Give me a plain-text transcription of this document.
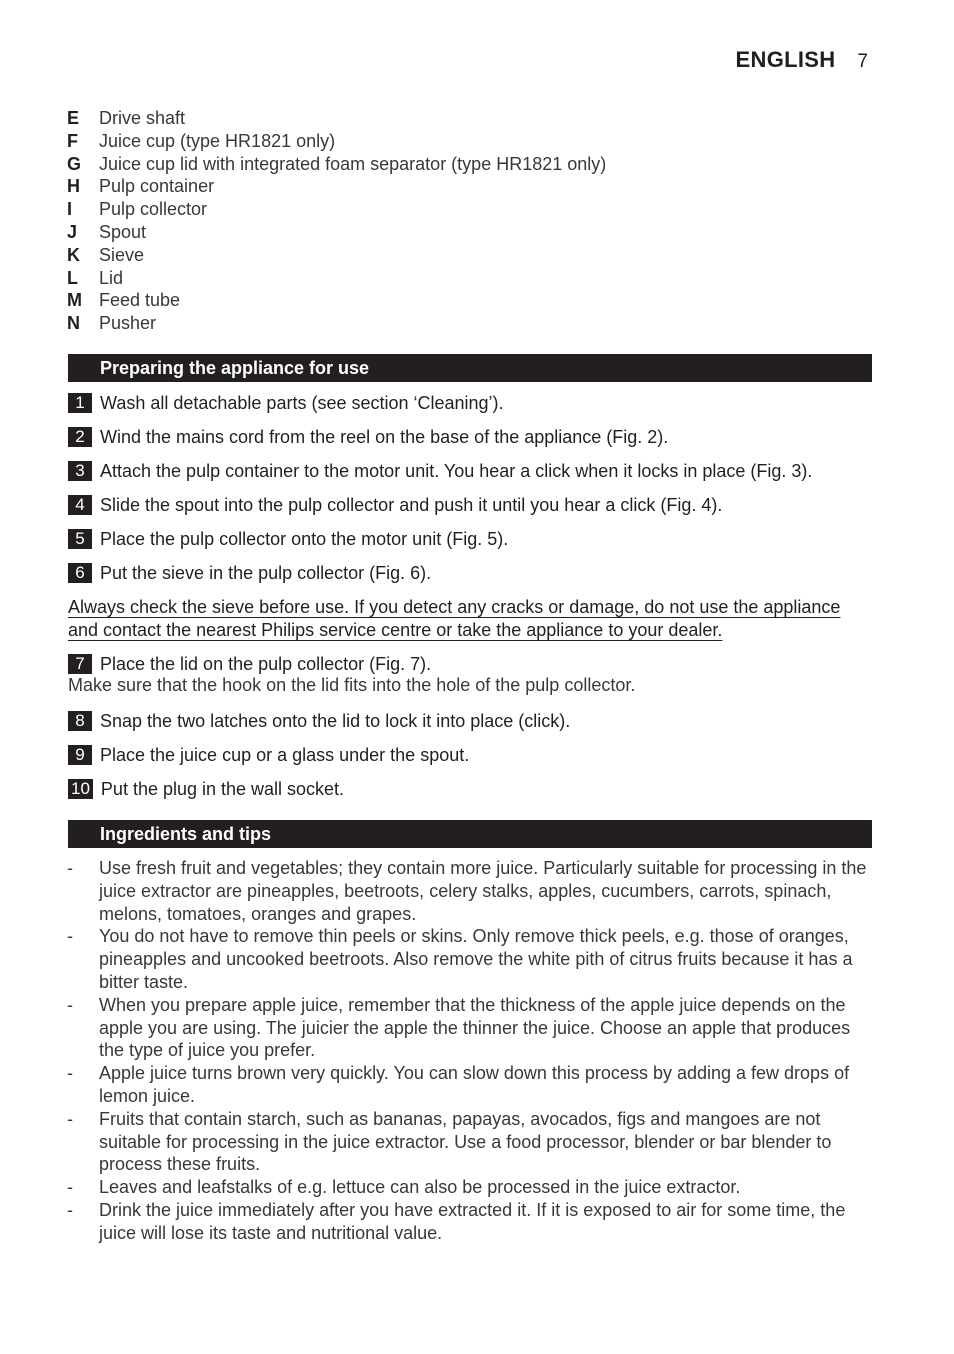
ENGLISH 7
E	Drive shaft
F	Juice cup (type HR1821 only)
G Juice cup lid with integrated foam separator (type HR1821 only)
H	Pulp container
I	Pulp collector
J	Spout
K	Sieve
L	Lid
M Feed tube
N	Pusher
Preparing the appliance for use
1 Wash all detachable parts (see section ‘Cleaning’).
2 Wind the mains cord from the reel on the base of the appliance (Fig. 2).
3 Attach the pulp container to the motor unit. You hear a click when it locks in place (Fig. 3).
4 Slide the spout into the pulp collector and push it until you hear a click (Fig. 4).
5 Place the pulp collector onto the motor unit (Fig. 5).
6 Put the sieve in the pulp collector (Fig. 6).
Always check the sieve before use. If you detect any cracks or damage, do not use the appliance
and contact the nearest Philips service centre or take the appliance to your dealer.
7 Place the lid on the pulp collector (Fig. 7).
Make sure that the hook on the lid fits into the hole of the pulp collector.
8 Snap the two latches onto the lid to lock it into place (click).
9 Place the juice cup or a glass under the spout.
10 Put the plug in the wall socket.
Ingredients and tips
-	Use fresh fruit and vegetables; they contain more juice. Particularly suitable for processing in the juice extractor are pineapples, beetroots, celery stalks, apples, cucumbers, carrots, spinach, melons, tomatoes, oranges and grapes.
-	You do not have to remove thin peels or skins. Only remove thick peels, e.g. those of oranges, pineapples and uncooked beetroots. Also remove the white pith of citrus fruits because it has a bitter taste.
-	When you prepare apple juice, remember that the thickness of the apple juice depends on the apple you are using. The juicier the apple the thinner the juice. Choose an apple that produces the type of juice you prefer.
-	Apple juice turns brown very quickly. You can slow down this process by adding a few drops of lemon juice.
-	Fruits that contain starch, such as bananas, papayas, avocados, figs and mangoes are not suitable for processing in the juice extractor. Use a food processor, blender or bar blender to process these fruits.
-	Leaves and leafstalks of e.g. lettuce can also be processed in the juice extractor.
-	Drink the juice immediately after you have extracted it. If it is exposed to air for some time, the juice will lose its taste and nutritional value.
